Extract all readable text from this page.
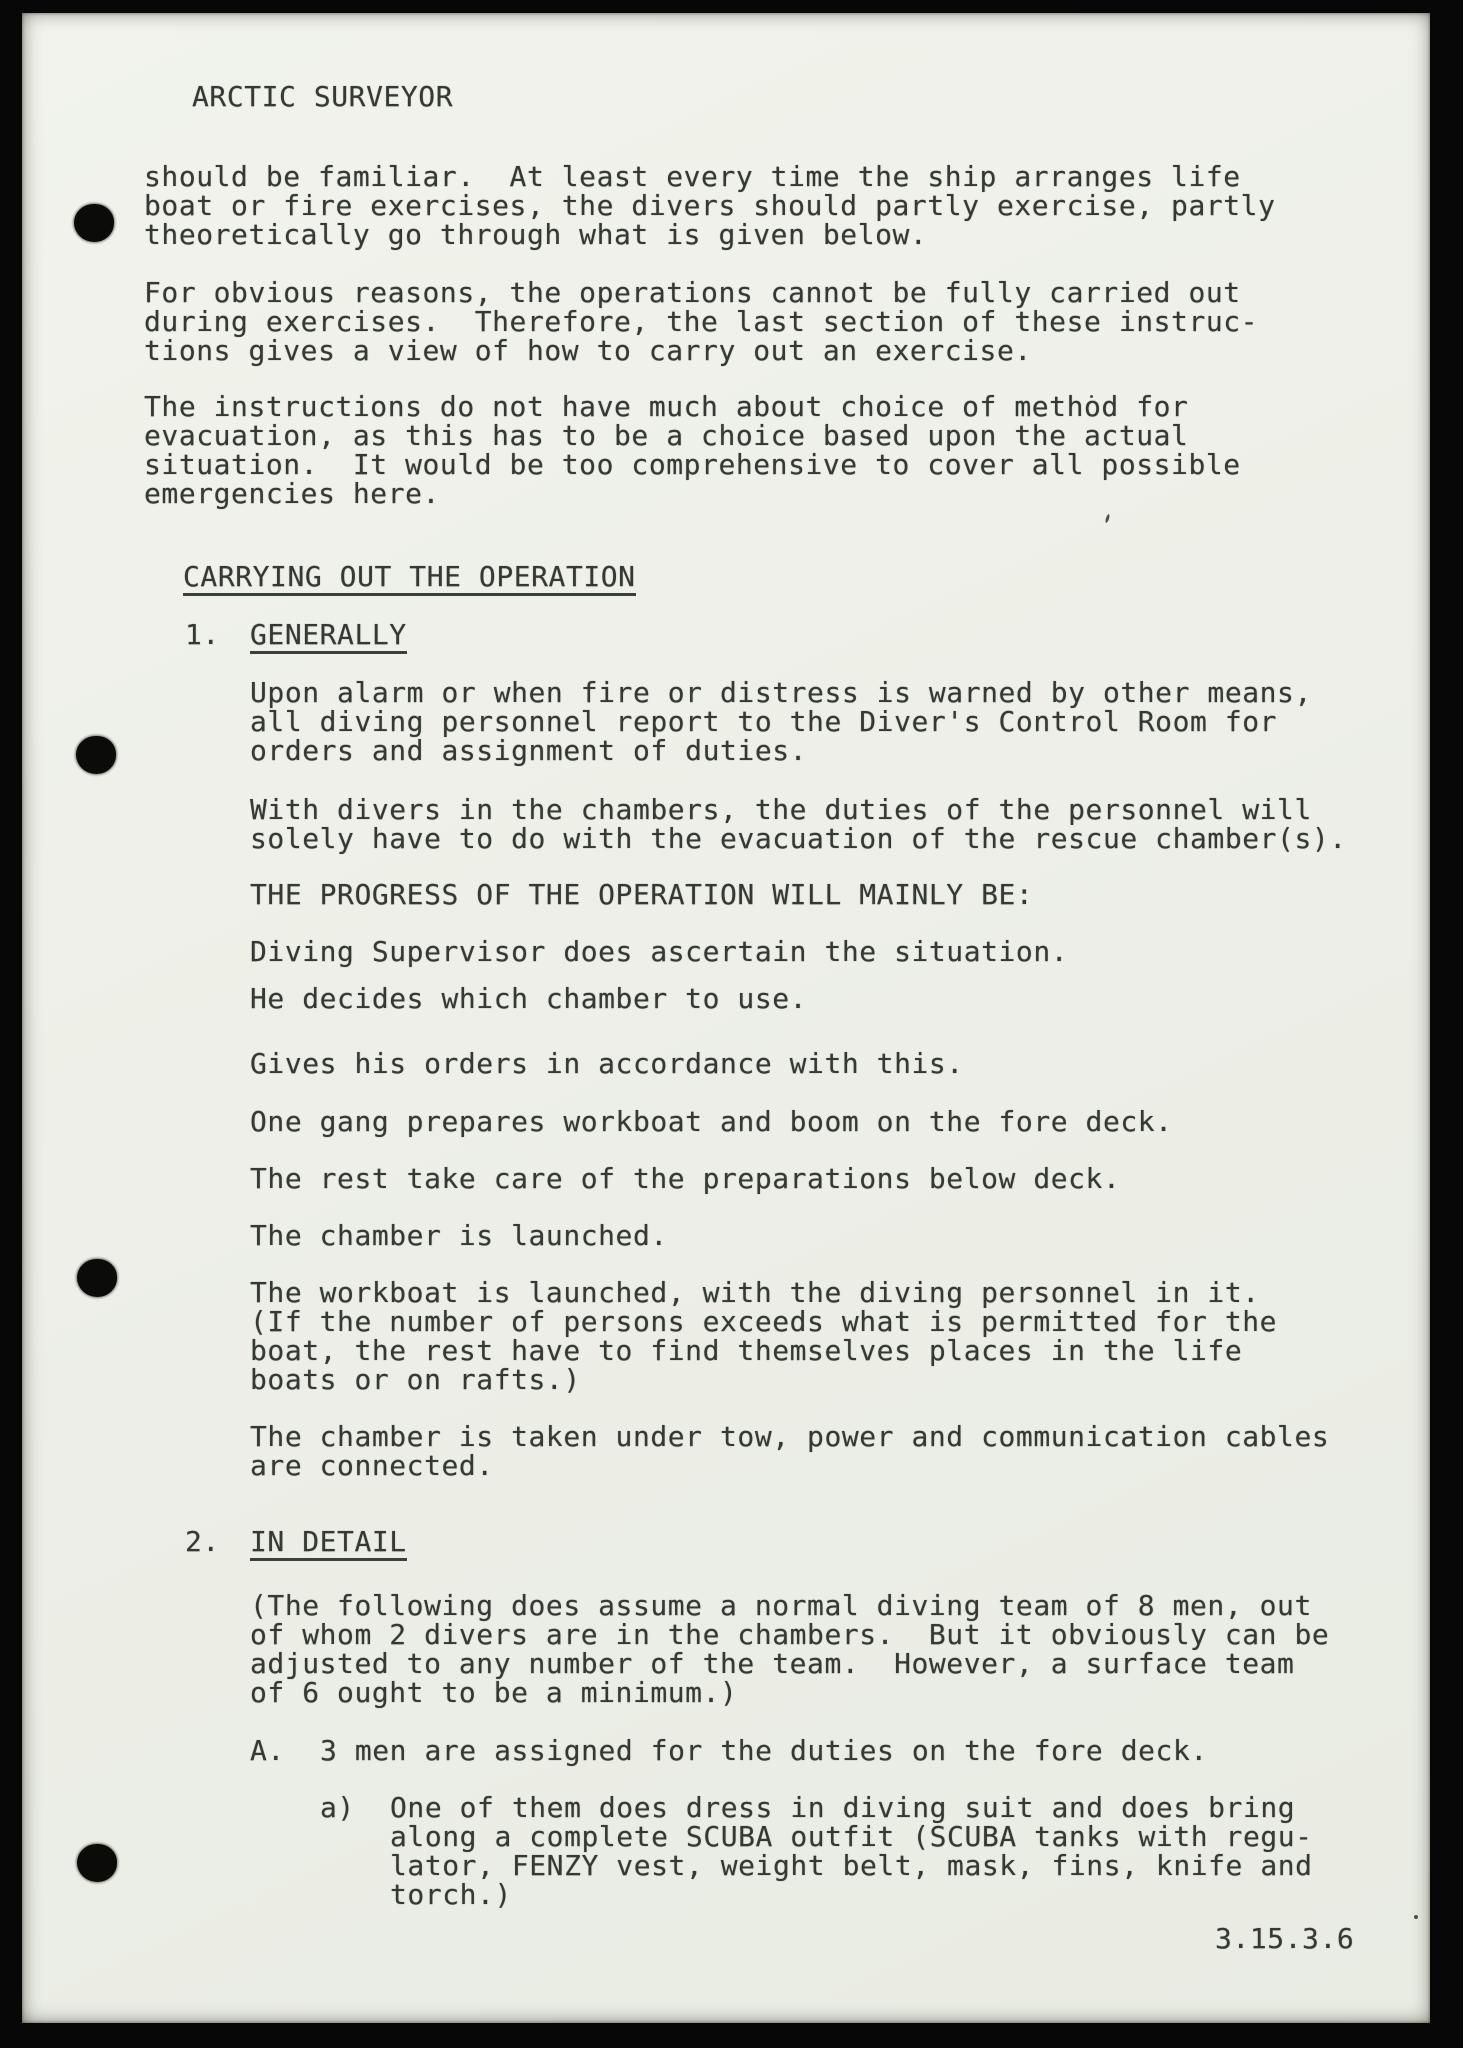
ARCTIC SURVEYOR
should be familiar.  At least every time the ship arranges life
boat or fire exercises, the divers should partly exercise, partly
theoretically go through what is given below.
For obvious reasons, the operations cannot be fully carried out
during exercises.  Therefore, the last section of these instruc-
tions gives a view of how to carry out an exercise.
The instructions do not have much about choice of method for
evacuation, as this has to be a choice based upon the actual
situation.  It would be too comprehensive to cover all possible
emergencies here.
CARRYING OUT THE OPERATION
1. GENERALLY
Upon alarm or when fire or distress is warned by other means,
all diving personnel report to the Diver's Control Room for
orders and assignment of duties.
With divers in the chambers, the duties of the personnel will
solely have to do with the evacuation of the rescue chamber(s).
THE PROGRESS OF THE OPERATION WILL MAINLY BE:
Diving Supervisor does ascertain the situation.
He decides which chamber to use.
Gives his orders in accordance with this.
One gang prepares workboat and boom on the fore deck.
The rest take care of the preparations below deck.
The chamber is launched.
The workboat is launched, with the diving personnel in it.
(If the number of persons exceeds what is permitted for the
boat, the rest have to find themselves places in the life
boats or on rafts.)
The chamber is taken under tow, power and communication cables
are connected.
2. IN DETAIL
(The following does assume a normal diving team of 8 men, out
of whom 2 divers are in the chambers.  But it obviously can be
adjusted to any number of the team.  However, a surface team
of 6 ought to be a minimum.)
A. 3 men are assigned for the duties on the fore deck.
a) One of them does dress in diving suit and does bring
along a complete SCUBA outfit (SCUBA tanks with regu-
lator, FENZY vest, weight belt, mask, fins, knife and
torch.)
3.15.3.6
